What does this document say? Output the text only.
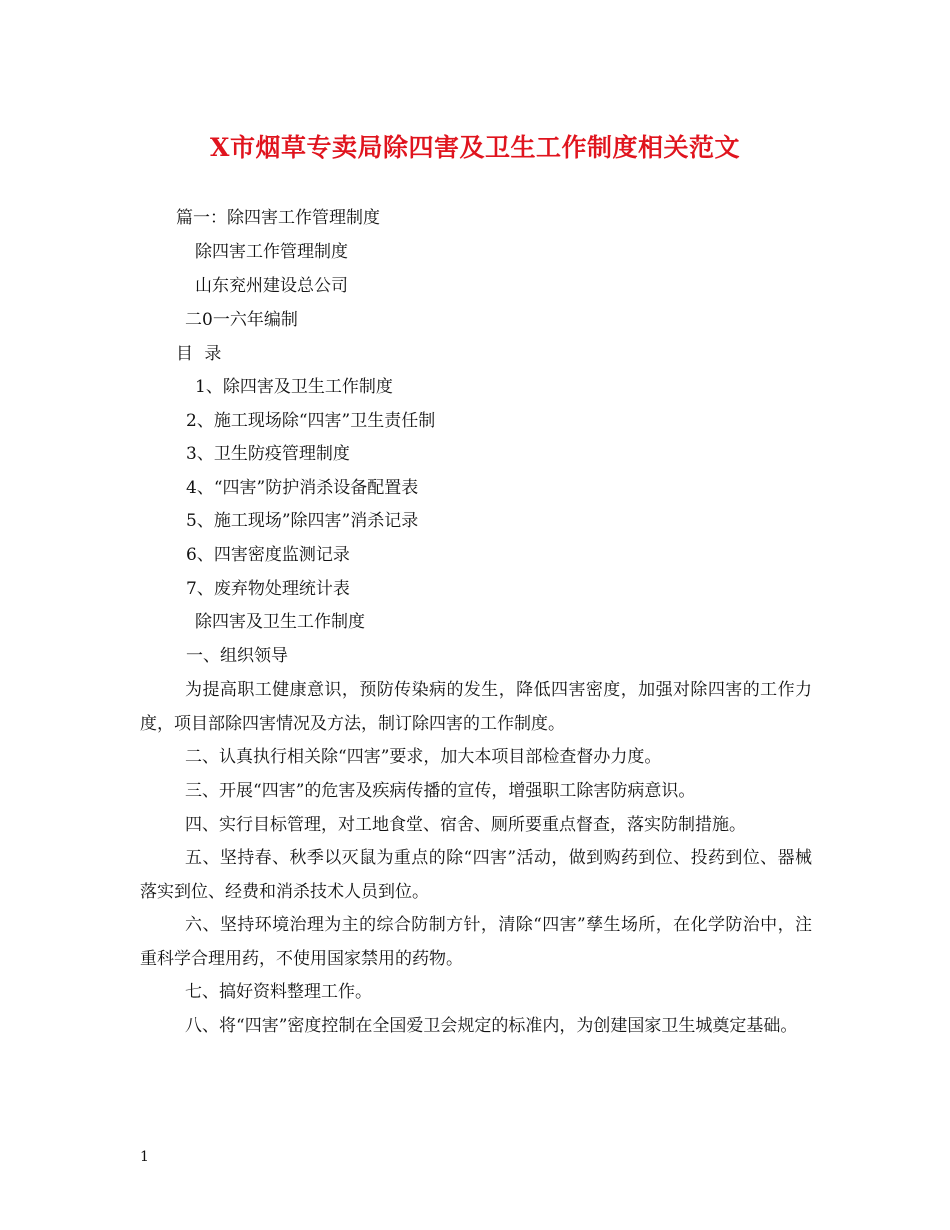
X市烟草专卖局除四害及卫生工作制度相关范文
篇一：除四害工作管理制度
除四害工作管理制度
山东兖州建设总公司
二0一六年编制
目 录
1、除四害及卫生工作制度
2、施工现场除“四害”卫生责任制
3、卫生防疫管理制度
4、“四害”防护消杀设备配置表
5、施工现场”除四害”消杀记录
6、四害密度监测记录
7、废弃物处理统计表
除四害及卫生工作制度
一、组织领导
为提高职工健康意识，预防传染病的发生，降低四害密度，加强对除四害的工作力度，项目部除四害情况及方法，制订除四害的工作制度。
二、认真执行相关除“四害”要求，加大本项目部检查督办力度。
三、开展“四害”的危害及疾病传播的宣传，增强职工除害防病意识。
四、实行目标管理，对工地食堂、宿舍、厕所要重点督查，落实防制措施。
五、坚持春、秋季以灭鼠为重点的除“四害”活动，做到购药到位、投药到位、器械落实到位、经费和消杀技术人员到位。
六、坚持环境治理为主的综合防制方针，清除“四害”孳生场所，在化学防治中，注重科学合理用药，不使用国家禁用的药物。
七、搞好资料整理工作。
八、将“四害”密度控制在全国爱卫会规定的标准内，为创建国家卫生城奠定基础。
1
